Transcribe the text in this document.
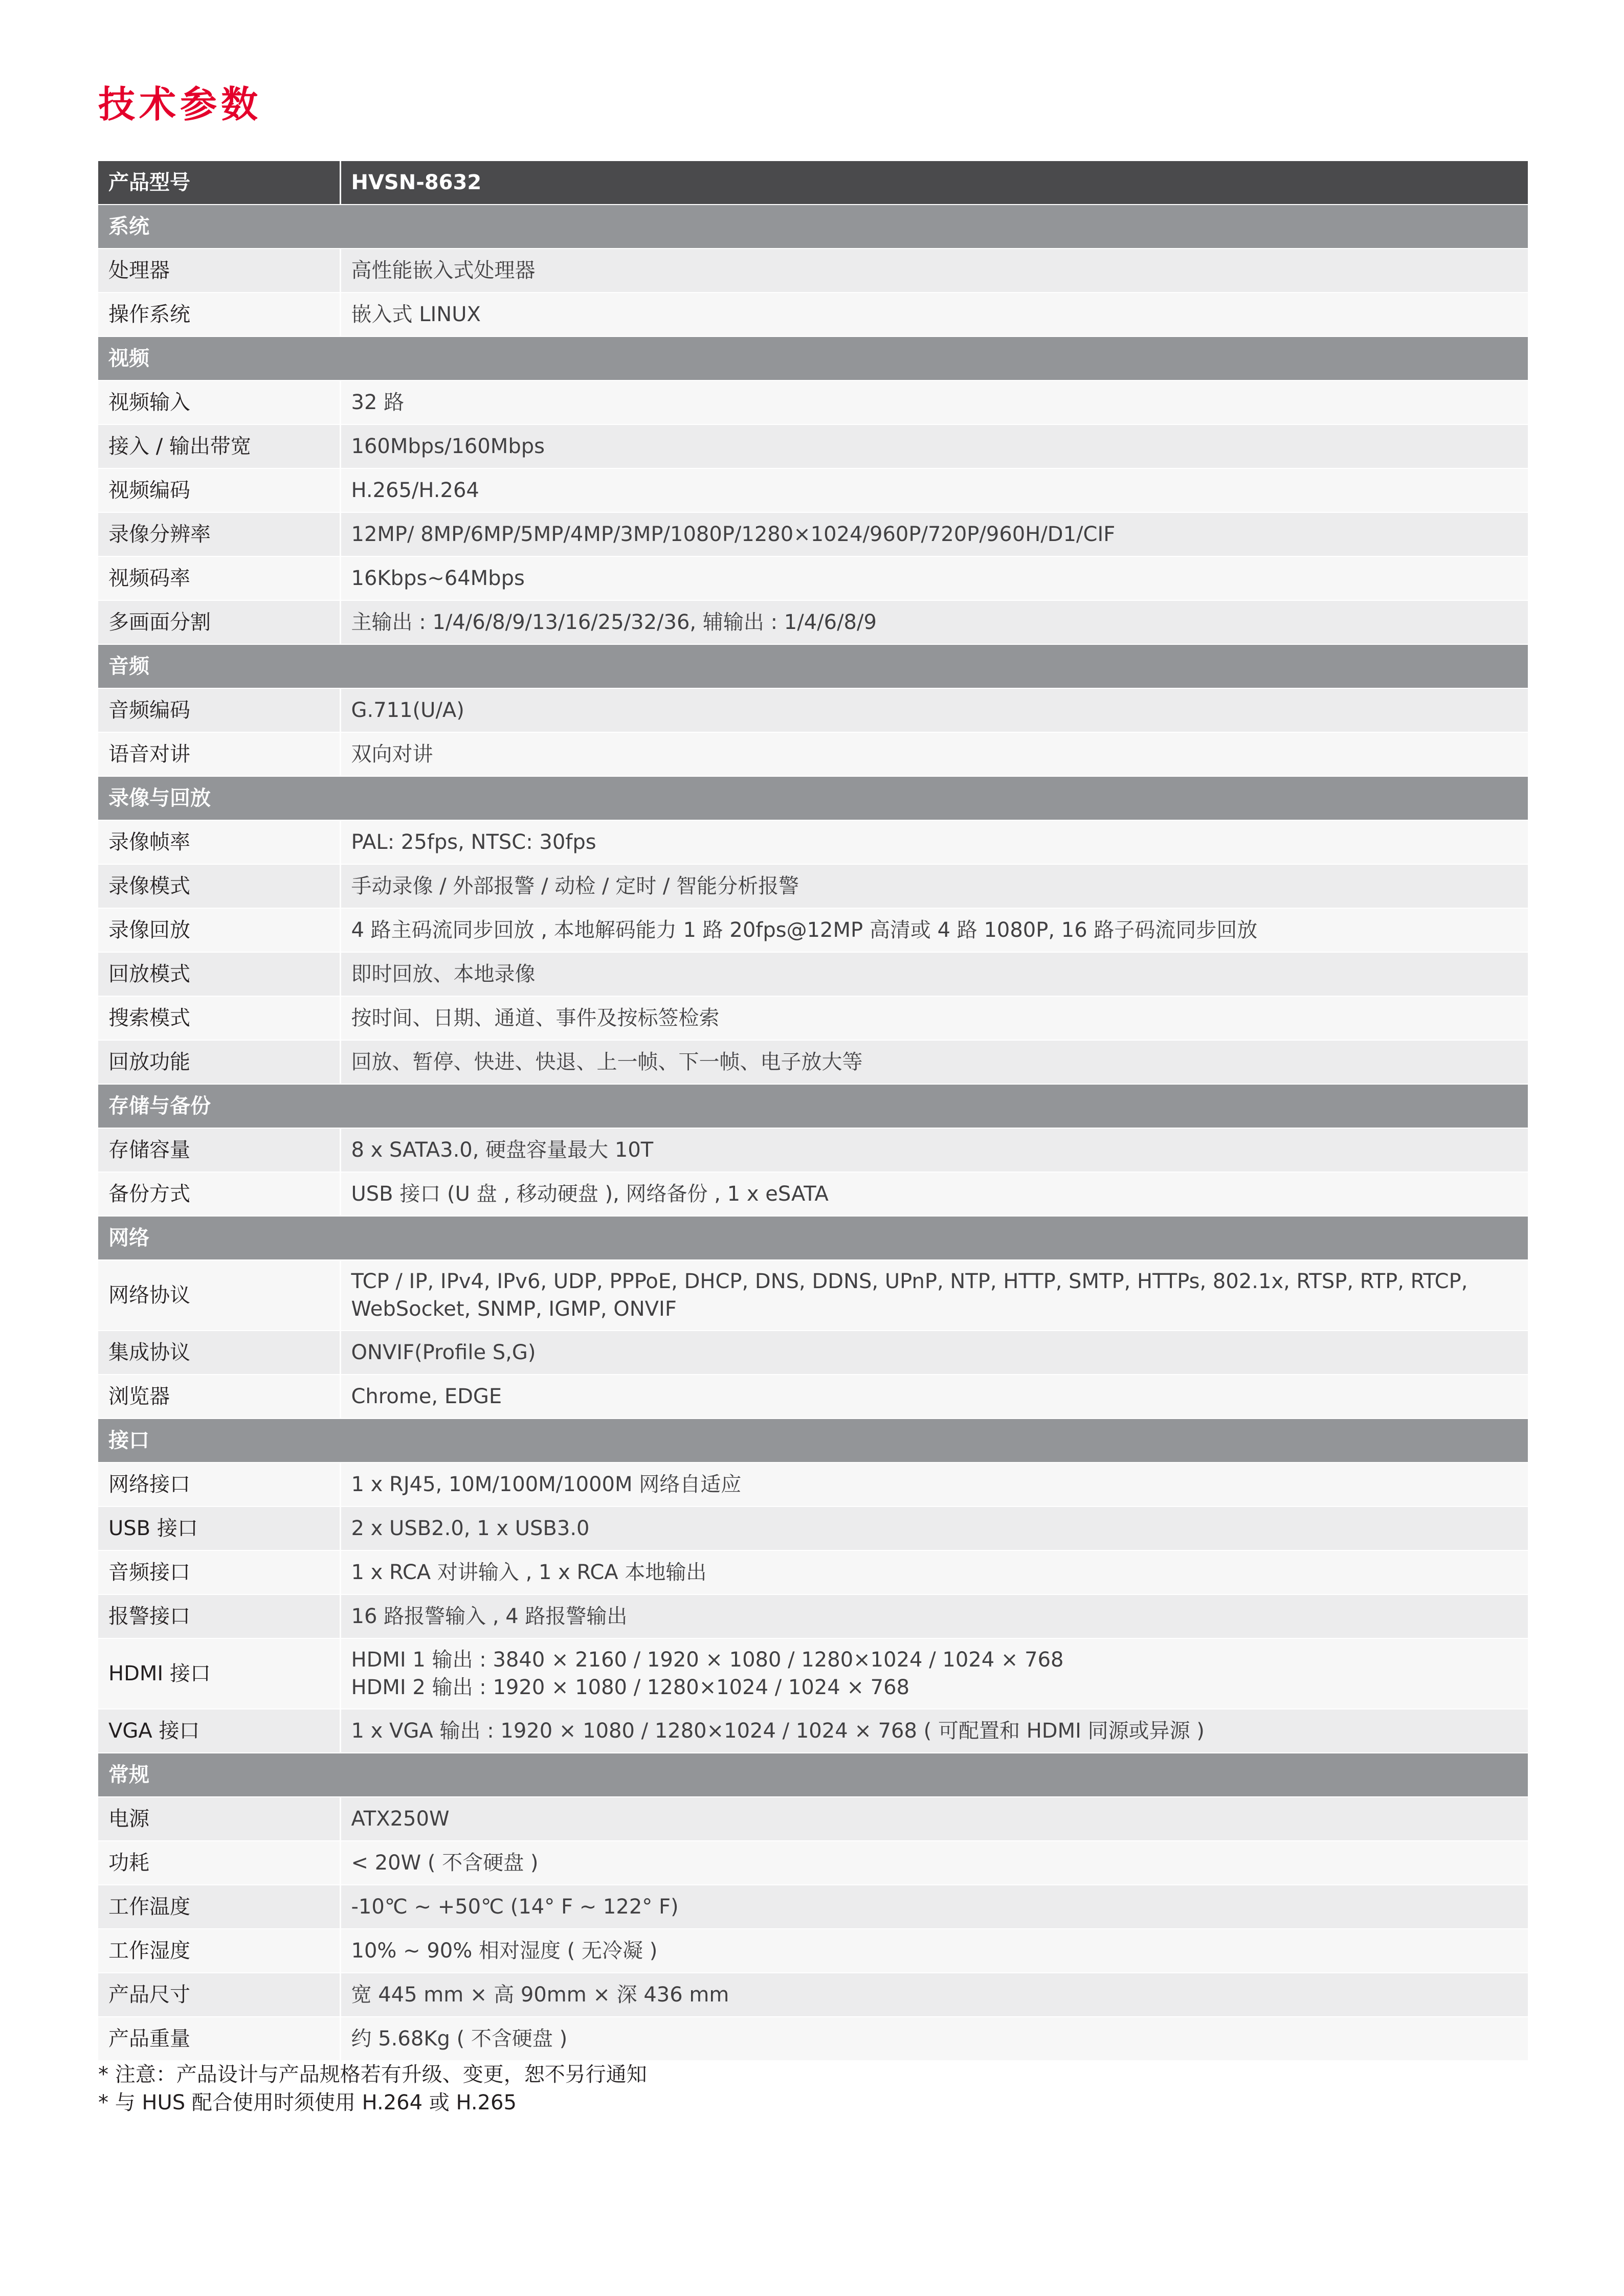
技术参数
产品型号	HVSN-8632
系统	
处理器	高性能嵌入式处理器
操作系统	嵌入式 LINUX
视频	
视频输入	32 路
接入 / 输出带宽	160Mbps/160Mbps
视频编码	H.265/H.264
录像分辨率	12MP/ 8MP/6MP/5MP/4MP/3MP/1080P/1280×1024/960P/720P/960H/D1/CIF
视频码率	16Kbps~64Mbps
多画面分割	主输出 : 1/4/6/8/9/13/16/25/32/36, 辅输出 : 1/4/6/8/9
音频	
音频编码	G.711(U/A)
语音对讲	双向对讲
录像与回放	
录像帧率	PAL: 25fps, NTSC: 30fps
录像模式	手动录像 / 外部报警 / 动检 / 定时 / 智能分析报警
录像回放	4 路主码流同步回放 , 本地解码能力 1 路 20fps@12MP 高清或 4 路 1080P, 16 路子码流同步回放
回放模式	即时回放、本地录像
搜索模式	按时间、日期、通道、事件及按标签检索
回放功能	回放、暂停、快进、快退、上一帧、下一帧、电子放大等
存储与备份	
存储容量	8 x SATA3.0, 硬盘容量最大 10T
备份方式	USB 接口 (U 盘 , 移动硬盘 ), 网络备份 , 1 x eSATA
网络	
网络协议	TCP / IP, IPv4, IPv6, UDP, PPPoE, DHCP, DNS, DDNS, UPnP, NTP, HTTP, SMTP, HTTPs, 802.1x, RTSP, RTP, RTCP,
WebSocket, SNMP, IGMP, ONVIF
集成协议	ONVIF(Profile S,G)
浏览器	Chrome, EDGE
接口	
网络接口	1 x RJ45, 10M/100M/1000M 网络自适应
USB 接口	2 x USB2.0, 1 x USB3.0
音频接口	1 x RCA 对讲输入 , 1 x RCA 本地输出
报警接口	16 路报警输入 , 4 路报警输出
HDMI 接口	HDMI 1 输出 : 3840 × 2160 / 1920 × 1080 / 1280×1024 / 1024 × 768
HDMI 2 输出 : 1920 × 1080 / 1280×1024 / 1024 × 768
VGA 接口	1 x VGA 输出 : 1920 × 1080 / 1280×1024 / 1024 × 768 ( 可配置和 HDMI 同源或异源 )
常规	
电源	ATX250W
功耗	< 20W ( 不含硬盘 )
工作温度	-10℃ ~ +50℃ (14° F ~ 122° F)
工作湿度	10% ~ 90% 相对湿度 ( 无冷凝 )
产品尺寸	宽 445 mm × 高 90mm × 深 436 mm
产品重量	约 5.68Kg ( 不含硬盘 )
* 注意：产品设计与产品规格若有升级、变更，恕不另行通知
* 与 HUS 配合使用时须使用 H.264 或 H.265
